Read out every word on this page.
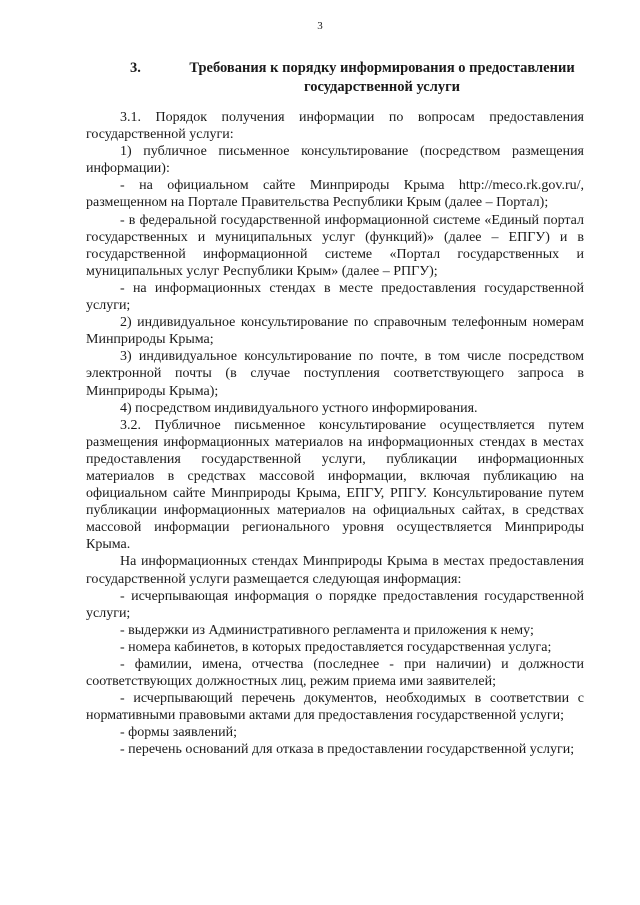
3
3.	Требования к порядку информирования о предоставлении государственной услуги

3.1. Порядок получения информации по вопросам предоставления государственной услуги:

1) публичное письменное консультирование (посредством размещения информации):

- на официальном сайте Минприроды Крыма http://meco.rk.gov.ru/, размещенном на Портале Правительства Республики Крым (далее – Портал);

- в федеральной государственной информационной системе «Единый портал государственных и муниципальных услуг (функций)» (далее – ЕПГУ) и в государственной информационной системе «Портал государственных и муниципальных услуг Республики Крым» (далее – РПГУ);

- на информационных стендах в месте предоставления государственной услуги;

2) индивидуальное консультирование по справочным телефонным номерам Минприроды Крыма;

3) индивидуальное консультирование по почте, в том числе посредством электронной почты (в случае поступления соответствующего запроса в Минприроды Крыма);

4) посредством индивидуального устного информирования.

3.2. Публичное письменное консультирование осуществляется путем размещения информационных материалов на информационных стендах в местах предоставления государственной услуги, публикации информационных материалов в средствах массовой информации, включая публикацию на официальном сайте Минприроды Крыма, ЕПГУ, РПГУ. Консультирование путем публикации информационных материалов на официальных сайтах, в средствах массовой информации регионального уровня осуществляется Минприроды Крыма.

На информационных стендах Минприроды Крыма в местах предоставления государственной услуги размещается следующая информация:

- исчерпывающая информация о порядке предоставления государственной услуги;

- выдержки из Административного регламента и приложения к нему;

- номера кабинетов, в которых предоставляется государственная услуга;

- фамилии, имена, отчества (последнее - при наличии) и должности соответствующих должностных лиц, режим приема ими заявителей;

- исчерпывающий перечень документов, необходимых в соответствии с нормативными правовыми актами для предоставления государственной услуги;

- формы заявлений;

- перечень оснований для отказа в предоставлении государственной услуги;
